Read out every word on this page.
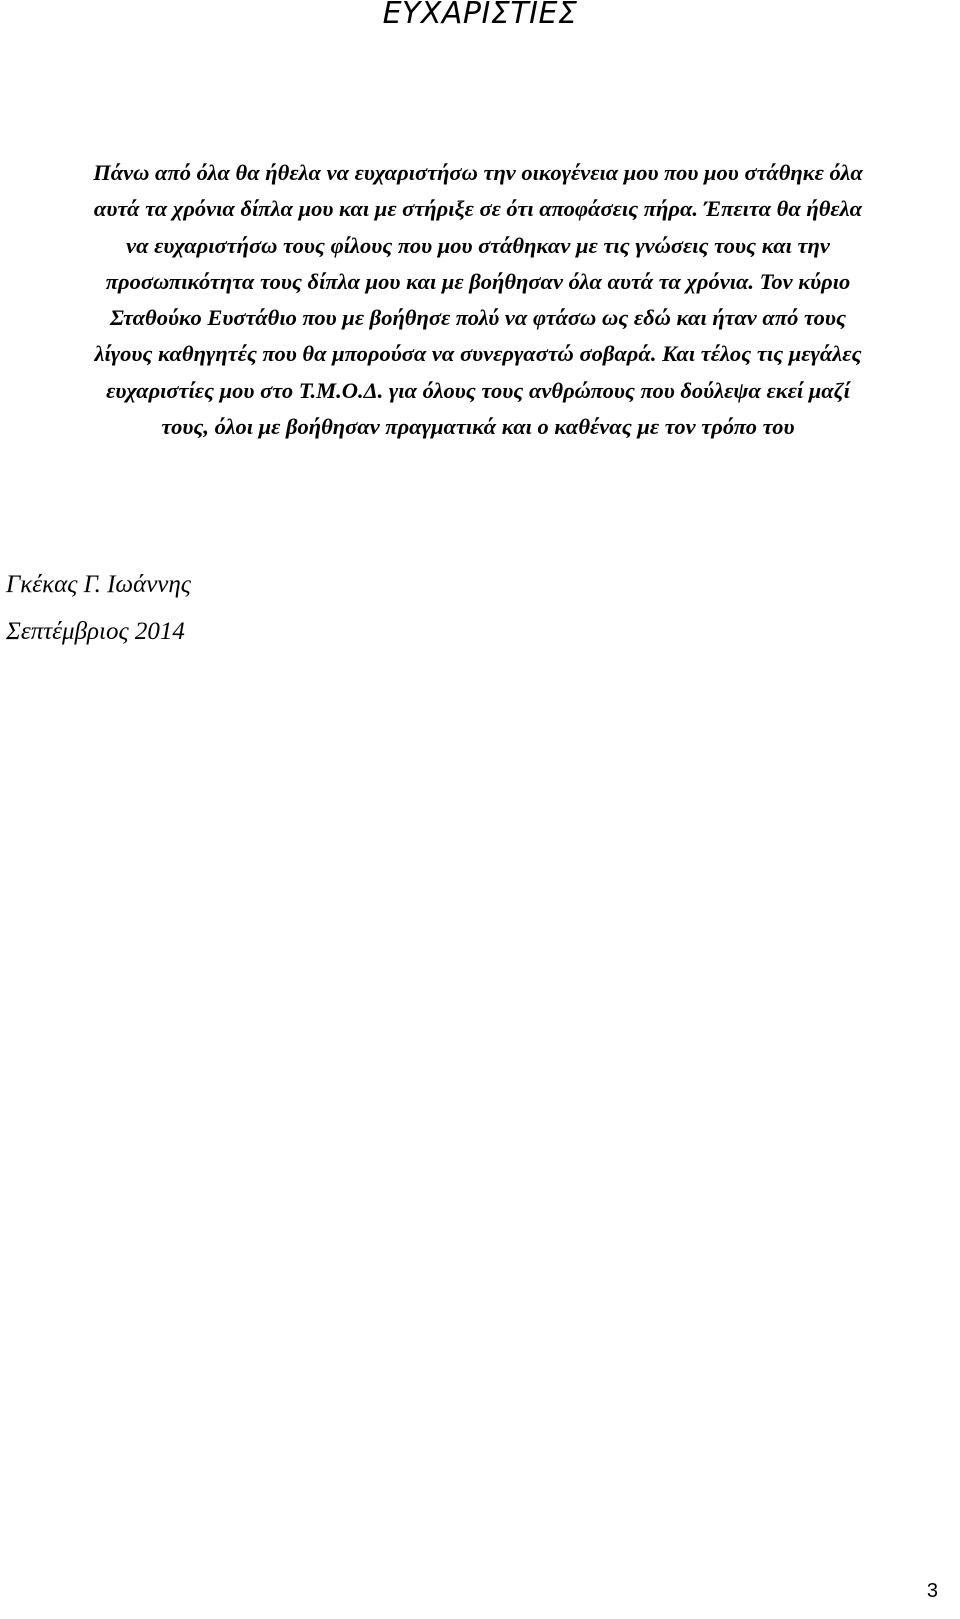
ΕΥΧΑΡΙΣΤΙΕΣ

Πάνω από όλα θα ήθελα να ευχαριστήσω την οικογένεια μου που μου στάθηκε όλα
αυτά τα χρόνια δίπλα μου και με στήριξε σε ότι αποφάσεις πήρα. Έπειτα θα ήθελα
να ευχαριστήσω τους φίλους που μου στάθηκαν με τις γνώσεις τους και την
προσωπικότητα τους δίπλα μου και με βοήθησαν όλα αυτά τα χρόνια. Τον κύριο
Σταθούκο Ευστάθιο που με βοήθησε πολύ να φτάσω ως εδώ και ήταν από τους
λίγους καθηγητές που θα μπορούσα να συνεργαστώ σοβαρά. Και τέλος τις μεγάλες
ευχαριστίες μου στο Τ.Μ.Ο.Δ. για όλους τους ανθρώπους που δούλεψα εκεί μαζί
τους, όλοι με βοήθησαν πραγματικά και ο καθένας με τον τρόπο του

Γκέκας Γ. Ιωάννης
Σεπτέμβριος 2014
3
